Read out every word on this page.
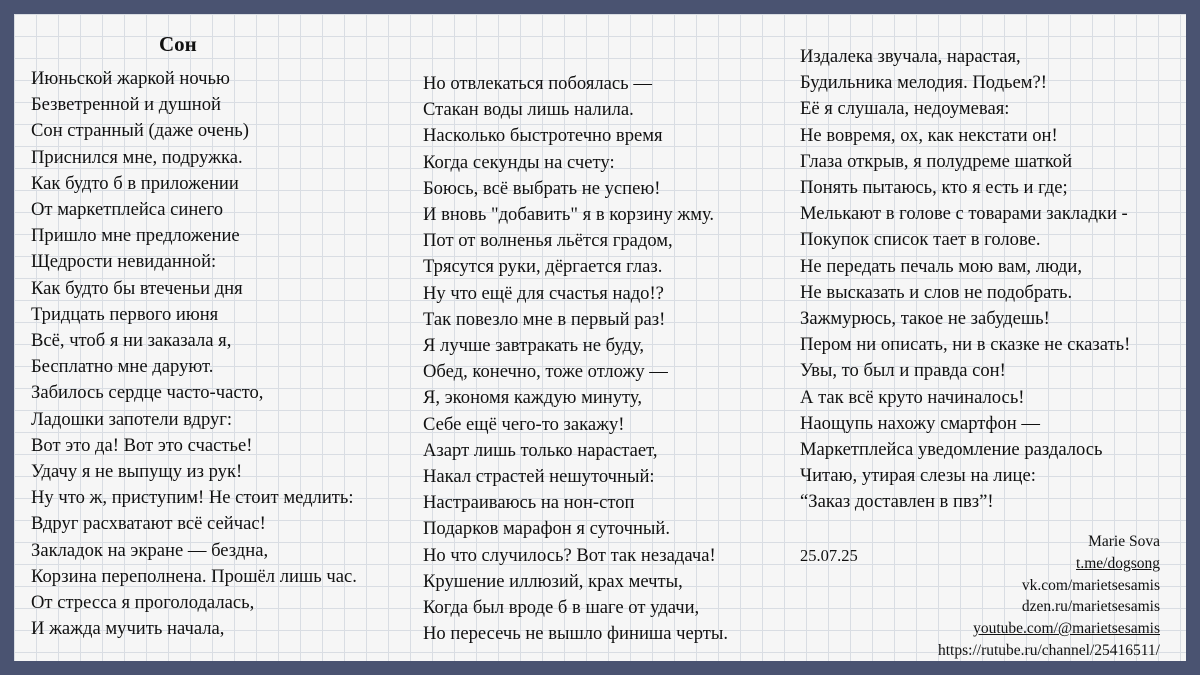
Сон
Июньской жаркой ночью
Безветренной и душной
Сон странный (даже очень)
Приснился мне, подружка.
Как будто б в приложении
От маркетплейса синего
Пришло мне предложение
Щедрости невиданной:
Как будто бы втеченьи дня
Тридцать первого июня
Всё, чтоб я ни заказала я,
Бесплатно мне даруют.
Забилось сердце часто-часто,
Ладошки запотели вдруг:
Вот это да! Вот это счастье!
Удачу я не выпущу из рук!
Ну что ж, приступим! Не стоит медлить:
Вдруг расхватают всё сейчас!
Закладок на экране — бездна,
Корзина переполнена. Прошёл лишь час.
От стресса я проголодалась,
И жажда мучить начала,
Но отвлекаться побоялась —
Стакан воды лишь налила.
Насколько быстротечно время
Когда секунды на счету:
Боюсь, всё выбрать не успею!
И вновь "добавить" я в корзину жму.
Пот от волненья льётся градом,
Трясутся руки, дёргается глаз.
Ну что ещё для счастья надо!?
Так повезло мне в первый раз!
Я лучше завтракать не буду,
Обед, конечно, тоже отложу —
Я, экономя каждую минуту,
Себе ещё чего-то закажу!
Азарт лишь только нарастает,
Накал страстей нешуточный:
Настраиваюсь на нон-стоп
Подарков марафон я суточный.
Но что случилось? Вот так незадача!
Крушение иллюзий, крах мечты,
Когда был вроде б в шаге от удачи,
Но пересечь не вышло финиша черты.
Издалека звучала, нарастая,
Будильника мелодия. Подьем?!
Её я слушала, недоумевая:
Не вовремя, ох, как некстати он!
Глаза открыв, я полудреме шаткой
Понять пытаюсь, кто я есть и где;
Мелькают в голове с товарами закладки -
Покупок список тает в голове.
Не передать печаль мою вам, люди,
Не высказать и слов не подобрать.
Зажмурюсь, такое не забудешь!
Пером ни описать, ни в сказке не сказать!
Увы, то был и правда сон!
А так всё круто начиналось!
Наощупь нахожу смартфон —
Маркетплейса уведомление раздалось
Читаю, утирая слезы на лице:
“Заказ доставлен в пвз”!
25.07.25
Marie Sova
t.me/dogsong
vk.com/marietsesamis
dzen.ru/marietsesamis
youtube.com/@marietsesamis
https://rutube.ru/channel/25416511/
